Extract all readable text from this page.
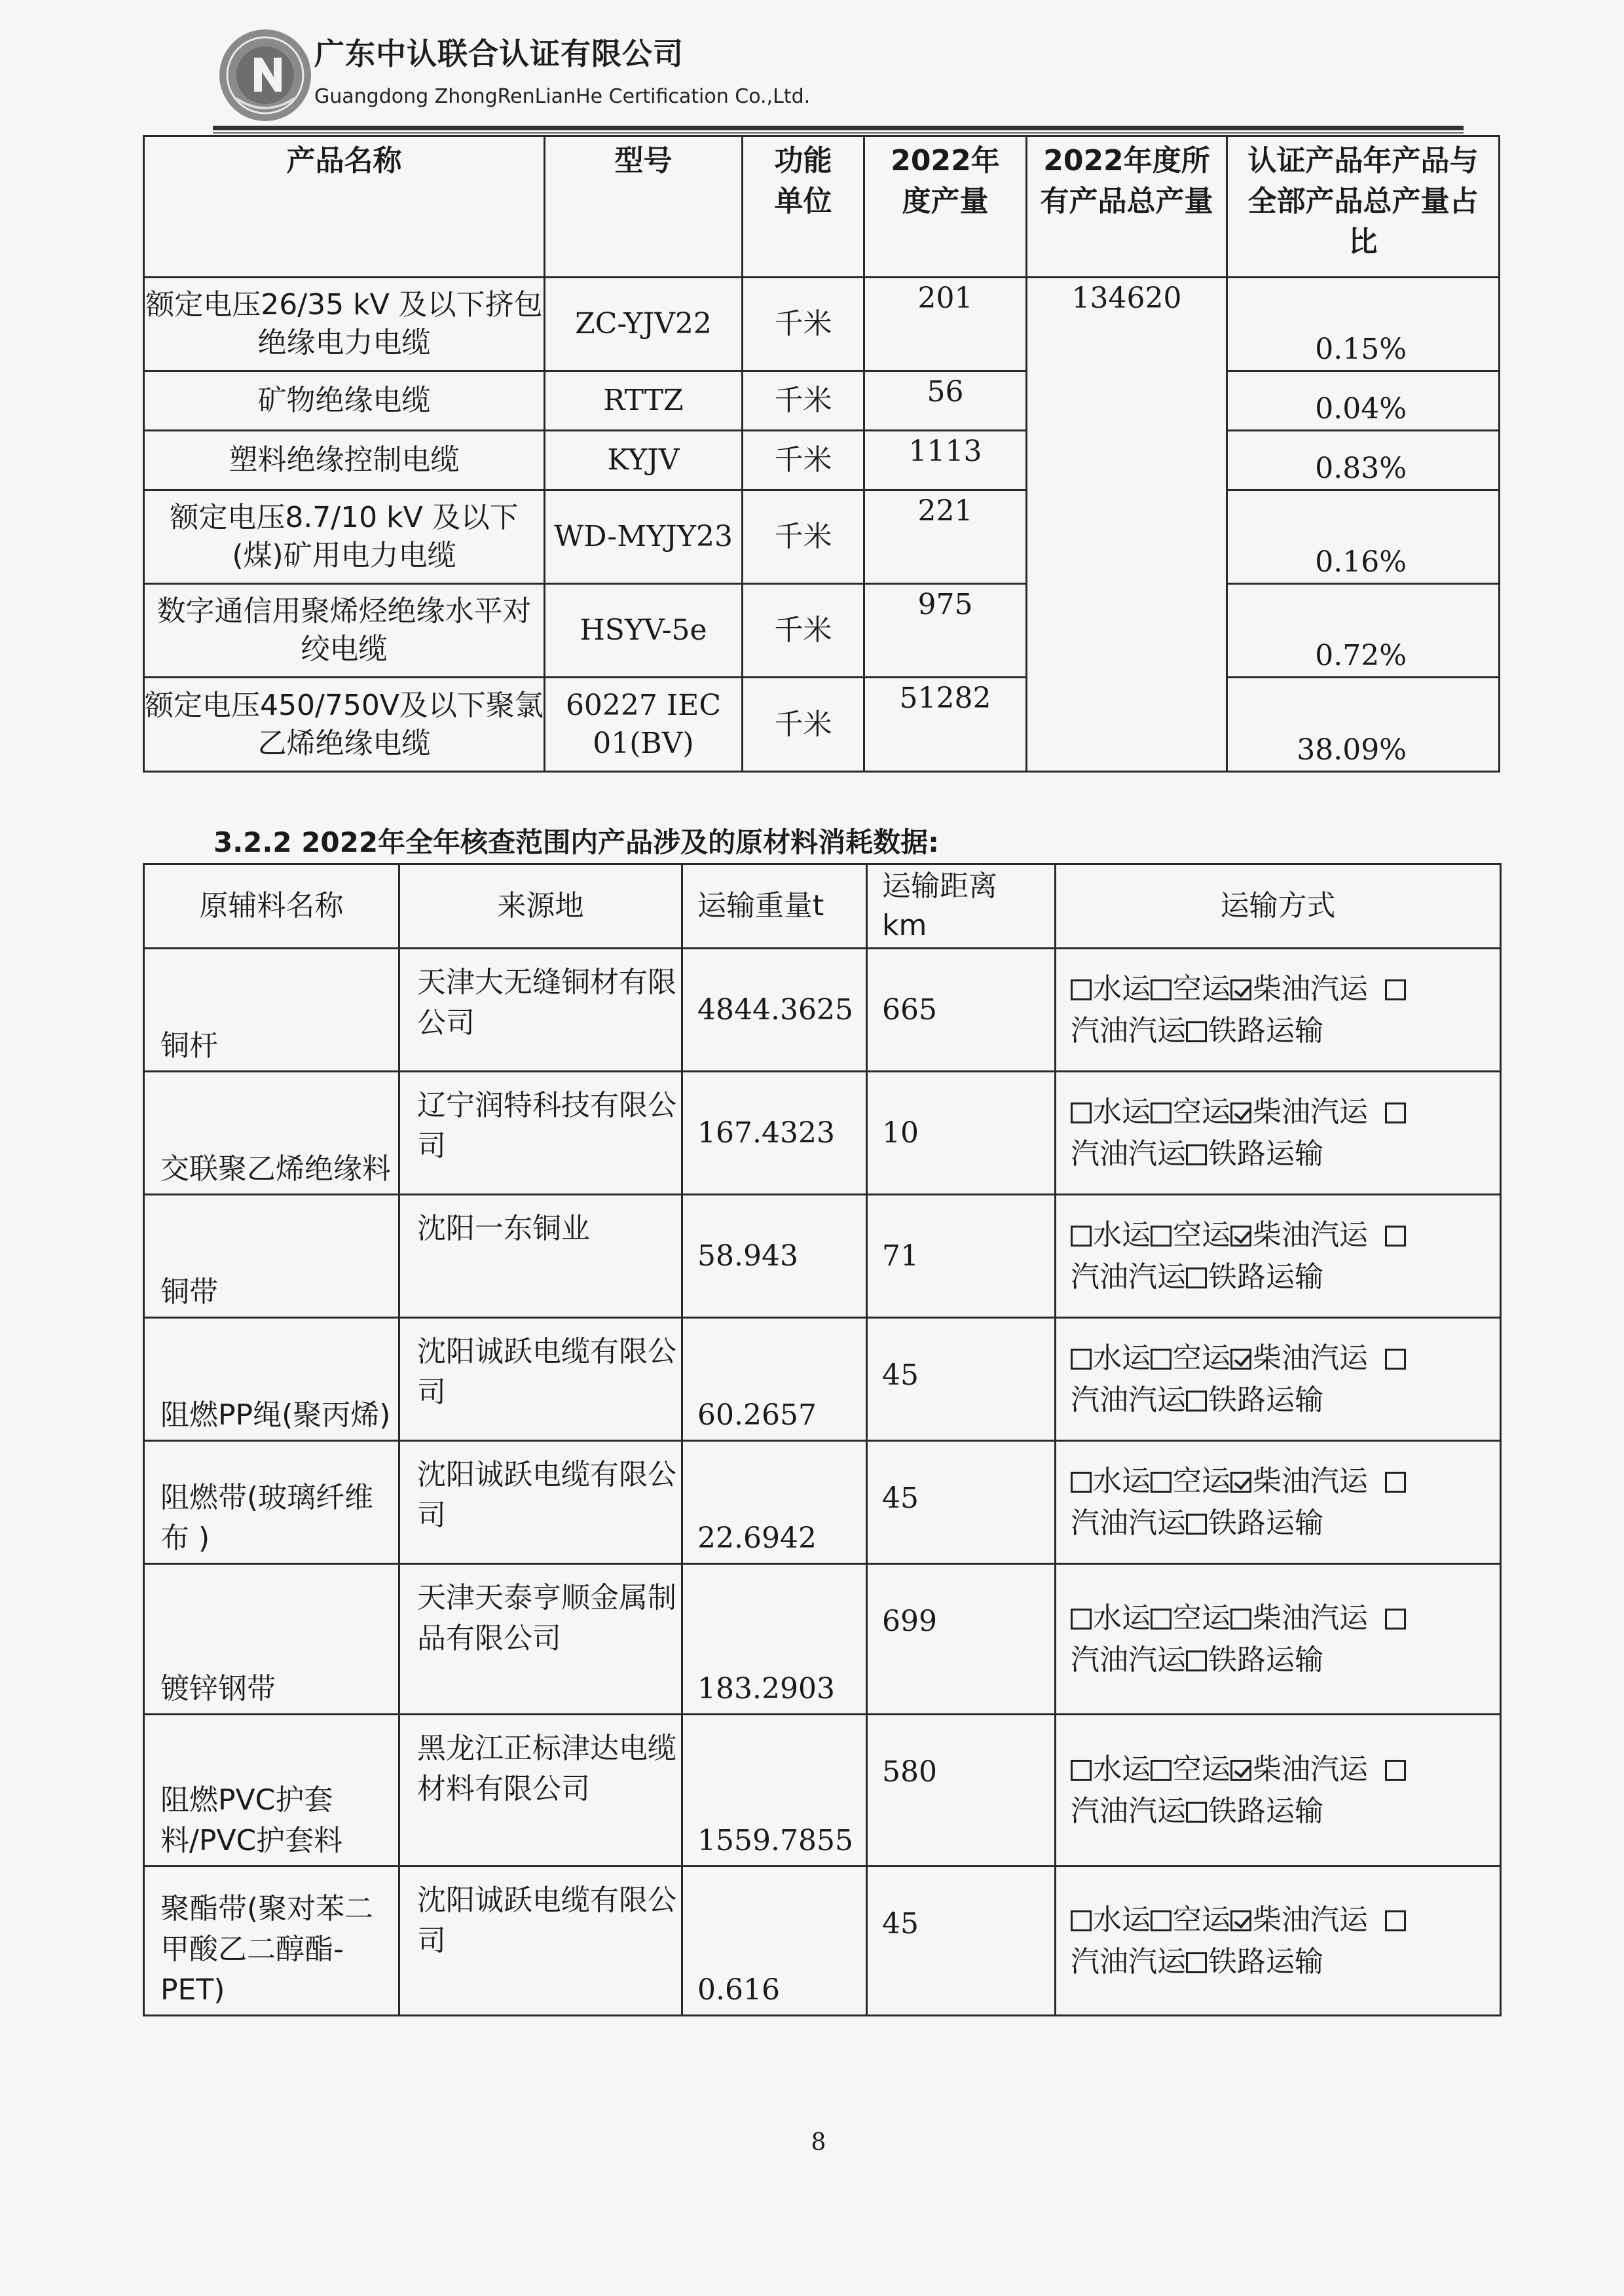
广东中认联合认证有限公司
Guangdong ZhongRenLianHe Certification Co.,Ltd.
产品名称	型号	功能单位	2022年度产量	2022年度所有产品总产量	认证产品年产品与全部产品总产量占比

额定电压26/35 kV 及以下挤包绝缘电力电缆	ZC-YJV22	千米	201	134620	0.15%
矿物绝缘电缆	RTTZ	千米	56		0.04%
塑料绝缘控制电缆	KYJV	千米	1113		0.83%
额定电压8.7/10 kV 及以下(煤)矿用电力电缆	WD-MYJY23	千米	221		0.16%
数字通信用聚烯烃绝缘水平对绞电缆	HSYV-5e	千米	975		0.72%
额定电压450/750V及以下聚氯乙烯绝缘电缆	60227 IEC 01(BV)	千米	51282		38.09%
3.2.2 2022年全年核查范围内产品涉及的原材料消耗数据:
原辅料名称	来源地	运输重量t	运输距离km	运输方式
铜杆	天津大无缝铜材有限公司	4844.3625	665	水运 空运 柴油汽运
汽油汽运 铁路运输
交联聚乙烯绝缘料	辽宁润特科技有限公司	167.4323	10	水运 空运 柴油汽运
汽油汽运 铁路运输
铜带	沈阳一东铜业	58.943	71	水运 空运 柴油汽运
汽油汽运 铁路运输
阻燃PP绳(聚丙烯)	沈阳诚跃电缆有限公司	60.2657	45	水运 空运 柴油汽运
汽油汽运 铁路运输
阻燃带(玻璃纤维布 )	沈阳诚跃电缆有限公司	22.6942	45	水运 空运 柴油汽运
汽油汽运 铁路运输
镀锌钢带	天津天泰亨顺金属制品有限公司	183.2903	699	水运 空运 柴油汽运
汽油汽运 铁路运输
阻燃PVC护套料/PVC护套料	黑龙江正标津达电缆材料有限公司	1559.7855	580	水运 空运 柴油汽运
汽油汽运 铁路运输
聚酯带(聚对苯二甲酸乙二醇酯-PET)	沈阳诚跃电缆有限公司	0.616	45	水运 空运 柴油汽运
汽油汽运 铁路运输
8
